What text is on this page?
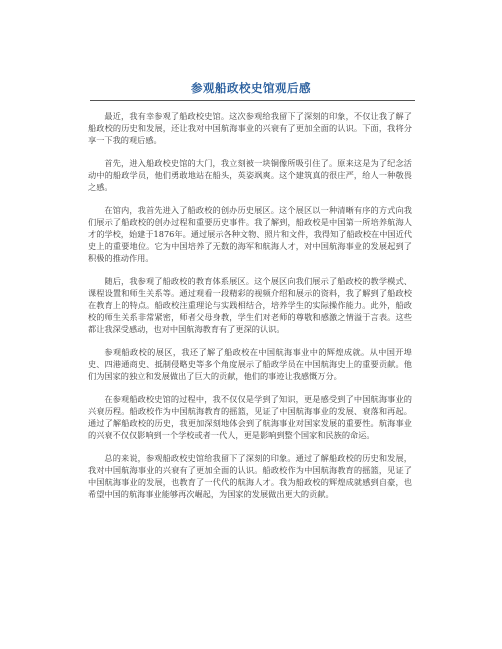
参观船政校史馆观后感

最近，我有幸参观了船政校史馆。这次参观给我留下了深刻的印象，不仅让我了解了船政校的历史和发展，还让我对中国航海事业的兴衰有了更加全面的认识。下面，我将分享一下我的观后感。

首先，进入船政校史馆的大门，我立刻被一块铜像所吸引住了。原来这是为了纪念活动中的船政学员，他们勇敢地站在船头，英姿飒爽。这个建筑真的很庄严，给人一种敬畏之感。

在馆内，我首先进入了船政校的创办历史展区。这个展区以一种清晰有序的方式向我们展示了船政校的创办过程和重要历史事件。我了解到，船政校是中国第一所培养航海人才的学校，始建于1876年。通过展示各种文物、照片和文件，我得知了船政校在中国近代史上的重要地位。它为中国培养了无数的海军和航海人才，对中国航海事业的发展起到了积极的推动作用。

随后，我参观了船政校的教育体系展区。这个展区向我们展示了船政校的教学模式、课程设置和师生关系等。通过观看一段精彩的视频介绍和展示的资料，我了解到了船政校在教育上的特点。船政校注重理论与实践相结合，培养学生的实际操作能力。此外，船政校的师生关系非常紧密，师者父母身教，学生们对老师的尊敬和感激之情溢于言表。这些都让我深受感动，也对中国航海教育有了更深的认识。

参观船政校的展区，我还了解了船政校在中国航海事业中的辉煌成就。从中国开埠史、四港通商史、抵制侵略史等多个角度展示了船政学员在中国航海史上的重要贡献。他们为国家的独立和发展做出了巨大的贡献，他们的事迹让我感慨万分。

在参观船政校史馆的过程中，我不仅仅是学到了知识，更是感受到了中国航海事业的兴衰历程。船政校作为中国航海教育的摇篮，见证了中国航海事业的发展、衰落和再起。通过了解船政校的历史，我更加深刻地体会到了航海事业对国家发展的重要性。航海事业的兴衰不仅仅影响到一个学校或者一代人，更是影响到整个国家和民族的命运。

总的来说，参观船政校史馆给我留下了深刻的印象。通过了解船政校的历史和发展，我对中国航海事业的兴衰有了更加全面的认识。船政校作为中国航海教育的摇篮，见证了中国航海事业的发展，也教育了一代代的航海人才。我为船政校的辉煌成就感到自豪，也希望中国的航海事业能够再次崛起，为国家的发展做出更大的贡献。
